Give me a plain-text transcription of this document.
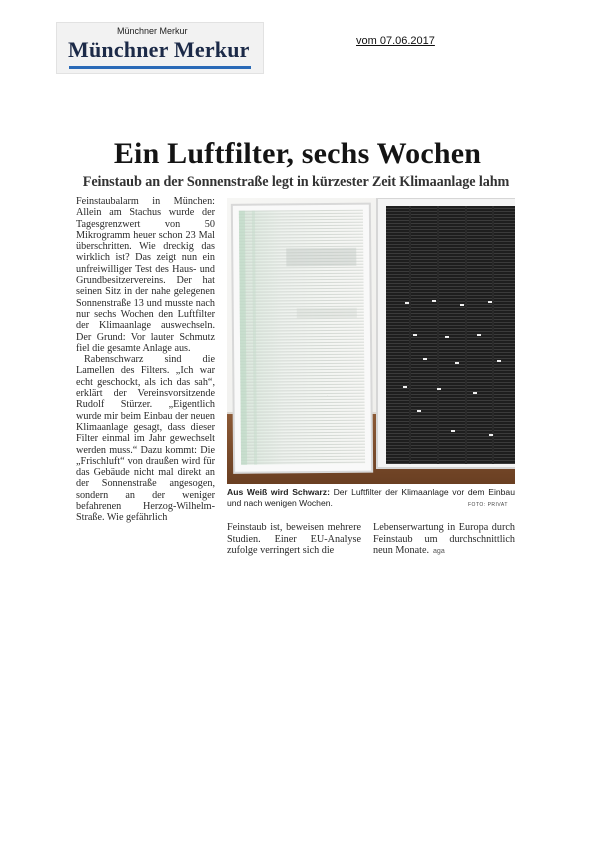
Münchner Merkur
Münchner Merkur	vom 07.06.2017
Ein Luftfilter, sechs Wochen
Feinstaub an der Sonnenstraße legt in kürzester Zeit Klimaanlage lahm

Feinstaubalarm in München: Allein am Stachus wurde der Tagesgrenzwert von 50 Mikrogramm heuer schon 23 Mal überschritten. Wie dreckig das wirklich ist? Das zeigt nun ein unfreiwilliger Test des Haus- und Grundbesitzervereins. Der hat seinen Sitz in der nahe gelegenen Sonnenstraße 13 und musste nach nur sechs Wochen den Luftfilter der Klimaanlage auswechseln. Der Grund: Vor lauter Schmutz fiel die gesamte Anlage aus.

Rabenschwarz sind die Lamellen des Filters. „Ich war echt geschockt, als ich das sah“, erklärt der Vereinsvorsitzende Rudolf Stürzer. „Eigentlich wurde mir beim Einbau der neuen Klimaanlage gesagt, dass dieser Filter einmal im Jahr gewechselt werden muss.“ Dazu kommt: Die „Frischluft“ von draußen wird für das Gebäude nicht mal direkt an der Sonnenstraße angesogen, sondern an der weniger befahrenen Herzog-Wilhelm-Straße. Wie gefährlich

Aus Weiß wird Schwarz: Der Luftfilter der Klimaanlage vor dem Einbau und nach wenigen Wochen.	FOTO: PRIVAT

Feinstaub ist, beweisen mehrere Studien. Einer EU-Analyse zufolge verringert sich die

Lebenserwartung in Europa durch Feinstaub um durchschnittlich neun Monate. aga
